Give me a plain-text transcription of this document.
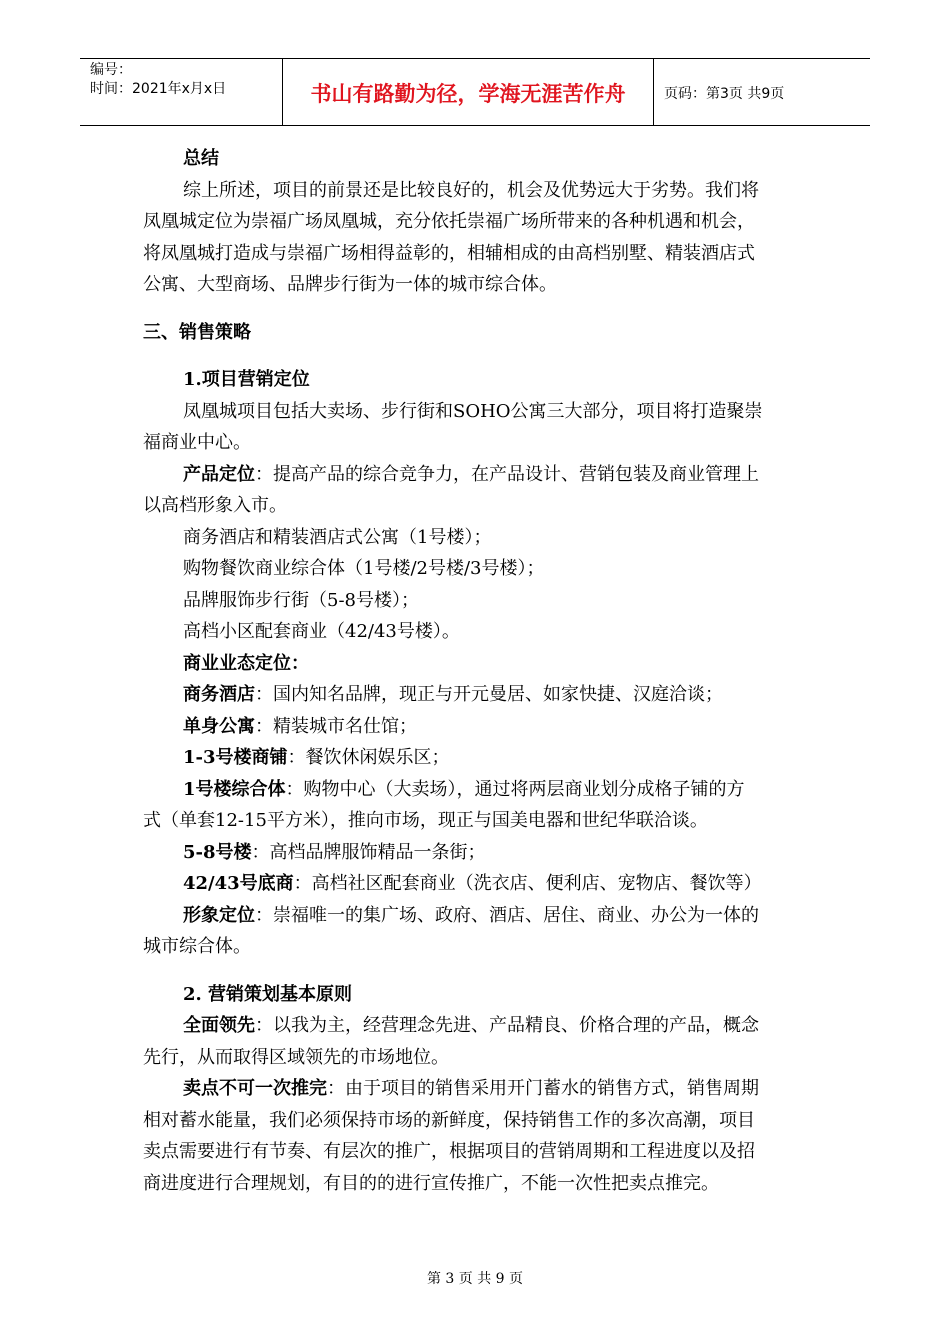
编号：
时间：2021年x月x日	书山有路勤为径，学海无涯苦作舟	页码：第3页 共9页
总结
综上所述，项目的前景还是比较良好的，机会及优势远大于劣势。我们将
凤凰城定位为崇福广场凤凰城，充分依托崇福广场所带来的各种机遇和机会，
将凤凰城打造成与崇福广场相得益彰的，相辅相成的由高档别墅、精装酒店式
公寓、大型商场、品牌步行街为一体的城市综合体。
三、销售策略
1.项目营销定位
凤凰城项目包括大卖场、步行街和SOHO公寓三大部分，项目将打造聚崇
福商业中心。
产品定位：提高产品的综合竞争力，在产品设计、营销包装及商业管理上
以高档形象入市。
商务酒店和精装酒店式公寓（1号楼）；
购物餐饮商业综合体（1号楼/2号楼/3号楼）；
品牌服饰步行街（5-8号楼）；
高档小区配套商业（42/43号楼）。
商业业态定位：
商务酒店：国内知名品牌，现正与开元曼居、如家快捷、汉庭洽谈；
单身公寓：精装城市名仕馆；
1-3号楼商铺：餐饮休闲娱乐区；
1号楼综合体：购物中心（大卖场），通过将两层商业划分成格子铺的方
式（单套12-15平方米），推向市场，现正与国美电器和世纪华联洽谈。
5-8号楼：高档品牌服饰精品一条街；
42/43号底商：高档社区配套商业（洗衣店、便利店、宠物店、餐饮等）
形象定位：崇福唯一的集广场、政府、酒店、居住、商业、办公为一体的
城市综合体。
2. 营销策划基本原则
全面领先：以我为主，经营理念先进、产品精良、价格合理的产品，概念
先行，从而取得区域领先的市场地位。
卖点不可一次推完：由于项目的销售采用开门蓄水的销售方式，销售周期
相对蓄水能量，我们必须保持市场的新鲜度，保持销售工作的多次高潮，项目
卖点需要进行有节奏、有层次的推广，根据项目的营销周期和工程进度以及招
商进度进行合理规划，有目的的进行宣传推广，不能一次性把卖点推完。
第 3 页 共 9 页
